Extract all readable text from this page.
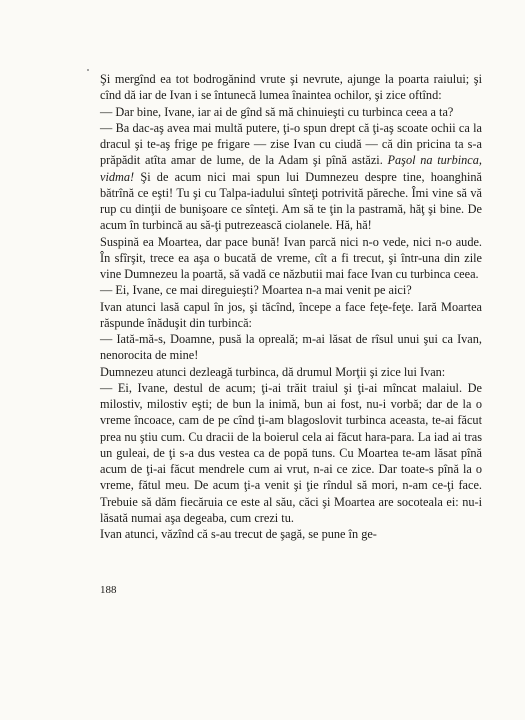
Şi mergînd ea tot bodrogănind vrute şi nevrute, ajunge la poarta raiului; şi cînd dă iar de Ivan i se întunecă lumea înaintea ochilor, şi zice oftînd:

— Dar bine, Ivane, iar ai de gînd să mă chinuieşti cu turbinca ceea a ta?

— Ba dac-aş avea mai multă putere, ţi-o spun drept că ţi-aş scoate ochii ca la dracul şi te-aş frige pe frigare — zise Ivan cu ciudă — că din pricina ta s-a prăpădit atîta amar de lume, de la Adam şi pînă astăzi. Paşol na turbinca, vidma! Şi de acum nici mai spun lui Dumnezeu despre tine, hoanghină bătrînă ce eşti! Tu şi cu Talpa-iadului sînteţi potrivită păreche. Îmi vine să vă rup cu dinţii de bunişoare ce sînteţi. Am să te ţin la pastramă, hăţ şi bine. De acum în turbincă au să-ţi putrezească ciolanele. Hă, hă!

Suspină ea Moartea, dar pace bună! Ivan parcă nici n-o vede, nici n-o aude. În sfîrşit, trece ea aşa o bucată de vreme, cît a fi trecut, şi într-una din zile vine Dumnezeu la poartă, să vadă ce năzbutii mai face Ivan cu turbinca ceea.

— Ei, Ivane, ce mai direguieşti? Moartea n-a mai venit pe aici?

Ivan atunci lasă capul în jos, şi tăcînd, începe a face feţe-feţe. Iară Moartea răspunde înăduşit din turbincă:

— Iată-mă-s, Doamne, pusă la opreală; m-ai lăsat de rîsul unui şui ca Ivan, nenorocita de mine!

Dumnezeu atunci dezleagă turbinca, dă drumul Morţii şi zice lui Ivan:

— Ei, Ivane, destul de acum; ţi-ai trăit traiul şi ţi-ai mîncat malaiul. De milostiv, milostiv eşti; de bun la inimă, bun ai fost, nu-i vorbă; dar de la o vreme încoace, cam de pe cînd ţi-am blagoslovit turbinca aceasta, te-ai făcut prea nu ştiu cum. Cu dracii de la boierul cela ai făcut hara-para. La iad ai tras un guleai, de ţi s-a dus vestea ca de popă tuns. Cu Moartea te-am lăsat pînă acum de ţi-ai făcut mendrele cum ai vrut, n-ai ce zice. Dar toate-s pînă la o vreme, fătul meu. De acum ţi-a venit şi ţie rîndul să mori, n-am ce-ţi face. Trebuie să dăm fiecăruia ce este al său, căci şi Moartea are socoteala ei: nu-i lăsată numai aşa degeaba, cum crezi tu.

Ivan atunci, văzînd că s-au trecut de şagă, se pune în ge-

188
